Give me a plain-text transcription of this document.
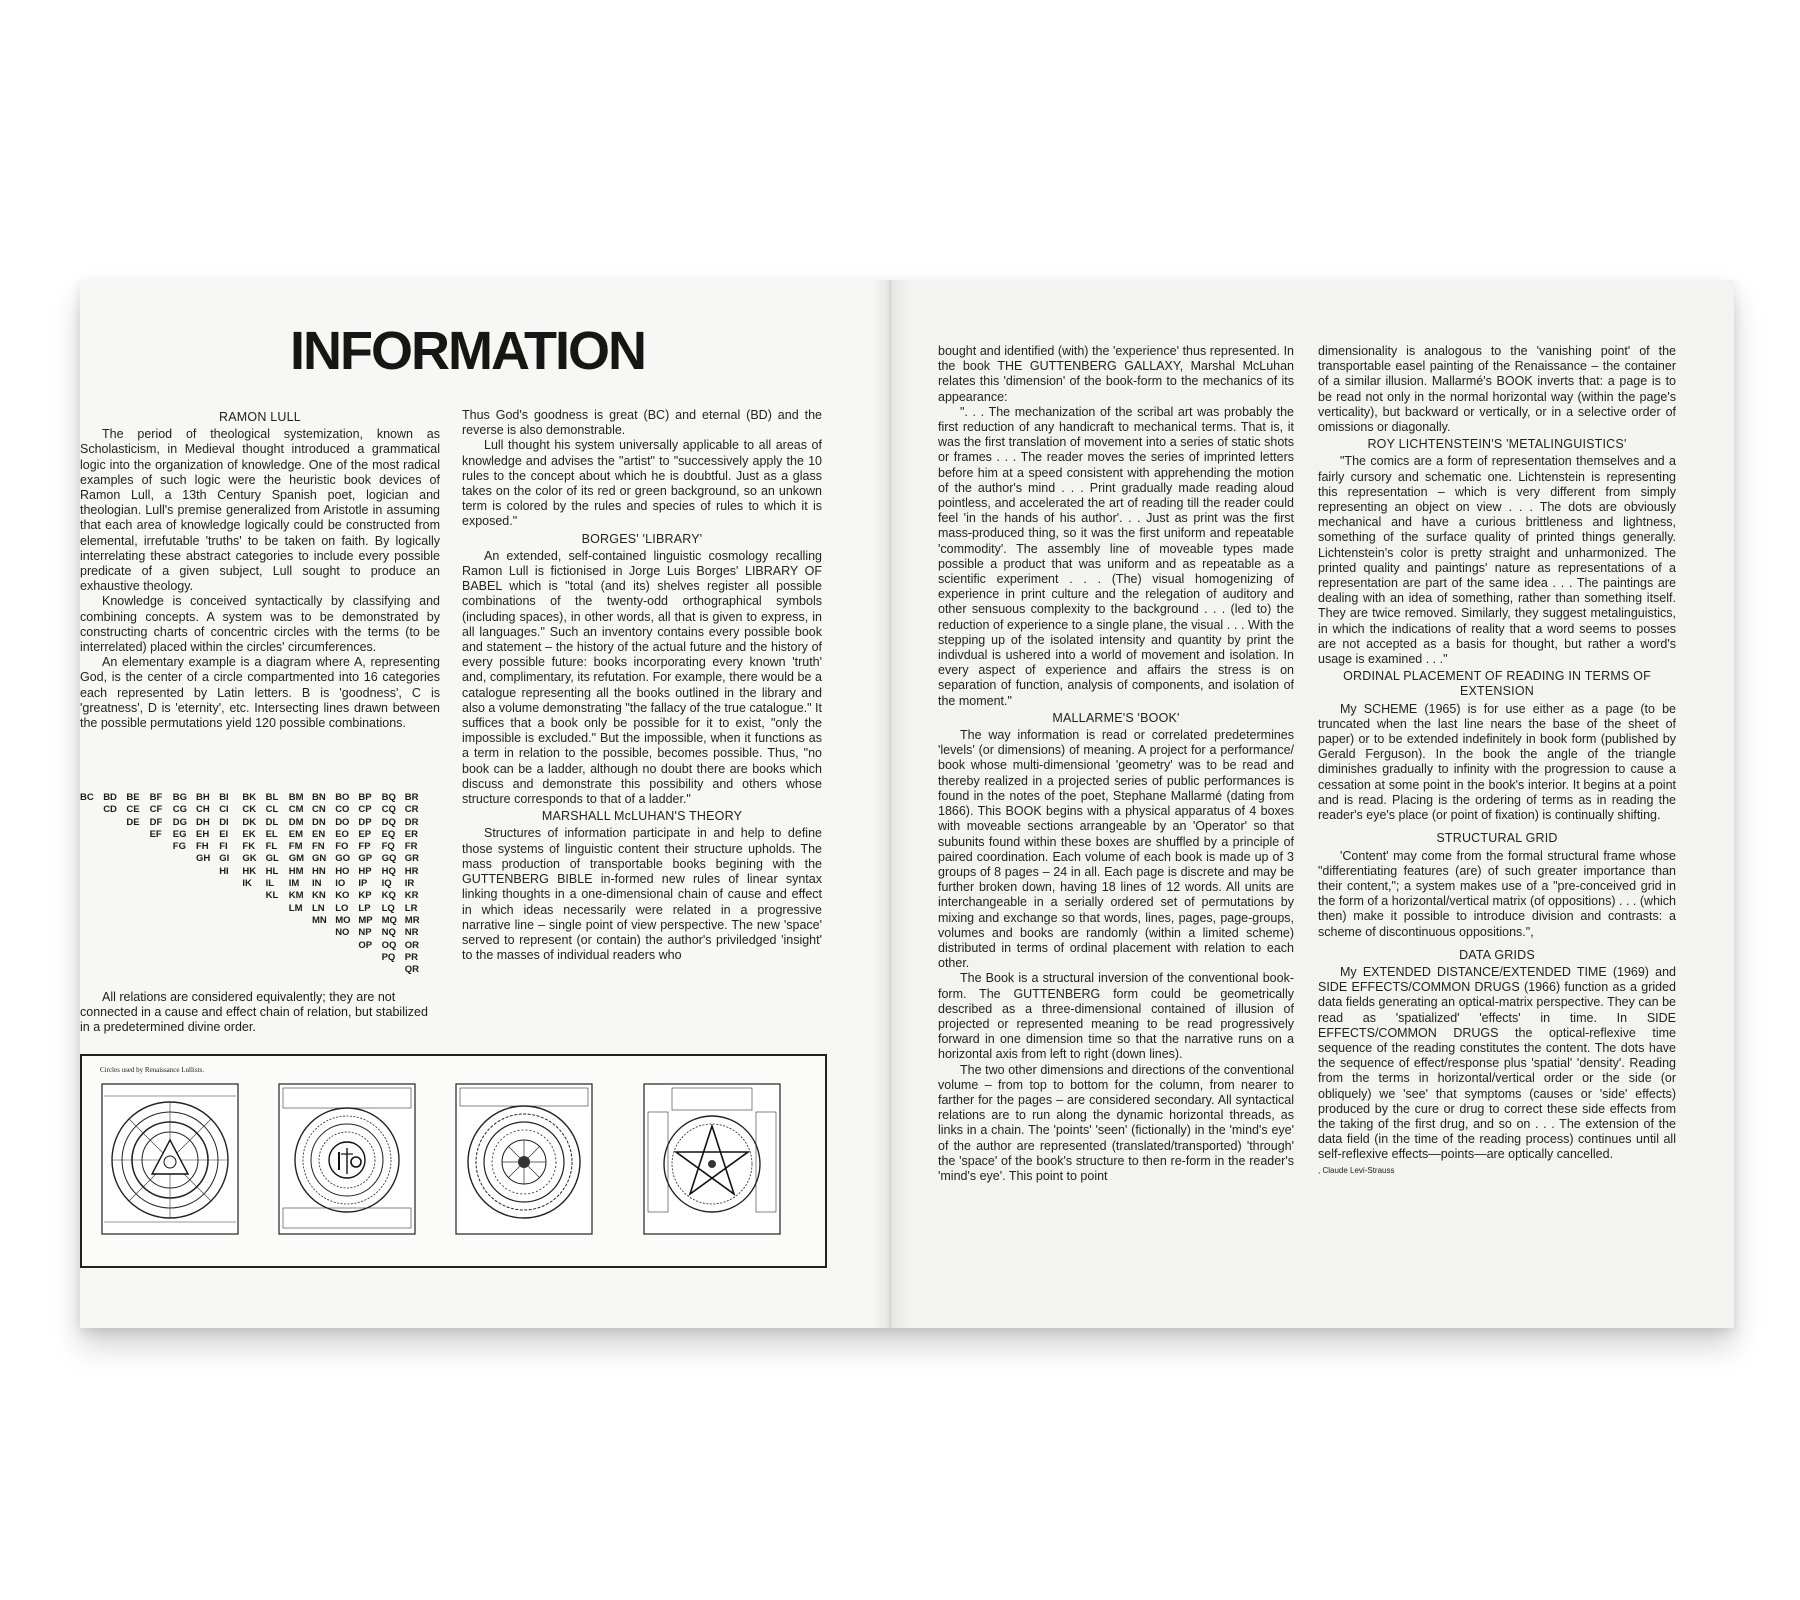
INFORMATION
RAMON LULL

The period of theological systemization, known as Scholasticism, in Medieval thought introduced a grammatical logic into the organization of knowledge. One of the most radical examples of such logic were the heuristic book devices of Ramon Lull, a 13th Century Spanish poet, logician and theologian. Lull's premise generalized from Aristotle in assuming that each area of knowledge logically could be constructed from elemental, irrefutable 'truths' to be taken on faith. By logically interrelating these abstract categories to include every possible predicate of a given subject, Lull sought to produce an exhaustive theology.

Knowledge is conceived syntactically by classifying and combining concepts. A system was to be demonstrated by constructing charts of concentric circles with the terms (to be interrelated) placed within the circles' circumferences.

An elementary example is a diagram where A, representing God, is the center of a circle compartmented into 16 categories each represented by Latin letters. B is 'goodness', C is 'greatness', D is 'eternity', etc. Intersecting lines drawn between the possible permutations yield 120 possible combinations.

BC BD BE BF BG BH BI BK BL BM BN BO BP BQ BR
CD CE CF CG CH CI CK CL CM CN CO CP CQ CR
DE DF DG DH DI DK DL DM DN DO DP DQ DR
EF EG EH EI EK EL EM EN EO EP EQ ER
FG FH FI FK FL FM FN FO FP FQ FR
GH GI GK GL GM GN GO GP GQ GR
HI HK HL HM HN HO HP HQ HR
IK IL IM IN IO IP IQ IR
KL KM KN KO KP KQ KR
LM LN LO LP LQ LR
MN MO MP MQ MR
NO NP NQ NR
OP OQ OR
PQ PR
QR

All relations are considered equivalently; they are not connected in a cause and effect chain of relation, but stabilized in a predetermined divine order.

Thus God's goodness is great (BC) and eternal (BD) and the reverse is also demonstrable.

Lull thought his system universally applicable to all areas of knowledge and advises the "artist" to "successively apply the 10 rules to the concept about which he is doubtful. Just as a glass takes on the color of its red or green background, so an unkown term is colored by the rules and species of rules to which it is exposed."

BORGES' 'LIBRARY'

An extended, self-contained linguistic cosmology recalling Ramon Lull is fictionised in Jorge Luis Borges' LIBRARY OF BABEL which is "total (and its) shelves register all possible combinations of the twenty-odd orthographical symbols (including spaces), in other words, all that is given to express, in all languages." Such an inventory contains every possible book and statement – the history of the actual future and the history of every possible future: books incorporating every known 'truth' and, complimentary, its refutation. For example, there would be a catalogue representing all the books outlined in the library and also a volume demonstrating "the fallacy of the true catalogue." It suffices that a book only be possible for it to exist, "only the impossible is excluded." But the impossible, when it functions as a term in relation to the possible, becomes possible. Thus, "no book can be a ladder, although no doubt there are books which discuss and demonstrate this possibility and others whose structure corresponds to that of a ladder."

MARSHALL McLUHAN'S THEORY

Structures of information participate in and help to define those systems of linguistic content their structure upholds. The mass production of transportable books begining with the GUTTENBERG BIBLE in-formed new rules of linear syntax linking thoughts in a one-dimensional chain of cause and effect in which ideas necessarily were related in a progressive narrative line – single point of view perspective. The new 'space' served to represent (or contain) the author's priviledged 'insight' to the masses of individual readers who

Circles used by Renaissance Lullists.

bought and identified (with) the 'experience' thus represented. In the book THE GUTTENBERG GALLAXY, Marshal McLuhan relates this 'dimension' of the book-form to the mechanics of its appearance:

". . . The mechanization of the scribal art was probably the first reduction of any handicraft to mechanical terms. That is, it was the first translation of movement into a series of static shots or frames . . . The reader moves the series of imprinted letters before him at a speed consistent with apprehending the motion of the author's mind . . . Print gradually made reading aloud pointless, and accelerated the art of reading till the reader could feel 'in the hands of his author'. . . Just as print was the first mass-produced thing, so it was the first uniform and repeatable 'commodity'. The assembly line of moveable types made possible a product that was uniform and as repeatable as a scientific experiment . . . (The) visual homogenizing of experience in print culture and the relegation of auditory and other sensuous complexity to the background . . . (led to) the reduction of experience to a single plane, the visual . . . With the stepping up of the isolated intensity and quantity by print the indivdual is ushered into a world of movement and isolation. In every aspect of experience and affairs the stress is on separation of function, analysis of components, and isolation of the moment."

MALLARME'S 'BOOK'

The way information is read or correlated predetermines 'levels' (or dimensions) of meaning. A project for a performance/ book whose multi-dimensional 'geometry' was to be read and thereby realized in a projected series of public performances is found in the notes of the poet, Stephane Mallarmé (dating from 1866). This BOOK begins with a physical apparatus of 4 boxes with moveable sections arrangeable by an 'Operator' so that subunits found within these boxes are shuffled by a principle of paired coordination. Each volume of each book is made up of 3 groups of 8 pages – 24 in all. Each page is discrete and may be further broken down, having 18 lines of 12 words. All units are interchangeable in a serially ordered set of permutations by mixing and exchange so that words, lines, pages, page-groups, volumes and books are randomly (within a limited scheme) distributed in terms of ordinal placement with relation to each other.

The Book is a structural inversion of the conventional book-form. The GUTTENBERG form could be geometrically described as a three-dimensional contained of illusion of projected or represented meaning to be read progressively forward in one dimension time so that the narrative runs on a horizontal axis from left to right (down lines).

The two other dimensions and directions of the conventional volume – from top to bottom for the column, from nearer to farther for the pages – are considered secondary. All syntactical relations are to run along the dynamic horizontal threads, as links in a chain. The 'points' 'seen' (fictionally) in the 'mind's eye' of the author are represented (translated/transported) 'through' the 'space' of the book's structure to then re-form in the reader's 'mind's eye'. This point to point

dimensionality is analogous to the 'vanishing point' of the transportable easel painting of the Renaissance – the container of a similar illusion. Mallarmé's BOOK inverts that: a page is to be read not only in the normal horizontal way (within the page's verticality), but backward or vertically, or in a selective order of omissions or diagonally.

ROY LICHTENSTEIN'S 'METALINGUISTICS'

"The comics are a form of representation themselves and a fairly cursory and schematic one. Lichtenstein is representing this representation – which is very different from simply representing an object on view . . . The dots are obviously mechanical and have a curious brittleness and lightness, something of the surface quality of printed things generally. Lichtenstein's color is pretty straight and unharmonized. The printed quality and paintings' nature as representations of a representation are part of the same idea . . . The paintings are dealing with an idea of something, rather than something itself. They are twice removed. Similarly, they suggest metalinguistics, in which the indications of reality that a word seems to posses are not accepted as a basis for thought, but rather a word's usage is examined . . ."

ORDINAL PLACEMENT OF READING IN TERMS OF EXTENSION

My SCHEME (1965) is for use either as a page (to be truncated when the last line nears the base of the sheet of paper) or to be extended indefinitely in book form (published by Gerald Ferguson). In the book the angle of the triangle diminishes gradually to infinity with the progression to cause a cessation at some point in the book's interior. It begins at a point and is read. Placing is the ordering of terms as in reading the reader's eye's place (or point of fixation) is continually shifting.

STRUCTURAL GRID

'Content' may come from the formal structural frame whose "differentiating features (are) of such greater importance than their content,"; a system makes use of a "pre-conceived grid in the form of a horizontal/vertical matrix (of oppositions) . . . (which then) make it possible to introduce division and contrasts: a scheme of discontinuous oppositions.",

DATA GRIDS

My EXTENDED DISTANCE/EXTENDED TIME (1969) and SIDE EFFECTS/COMMON DRUGS (1966) function as a grided data fields generating an optical-matrix perspective. They can be read as 'spatialized' 'effects' in time. In SIDE EFFECTS/COMMON DRUGS the optical-reflexive time sequence of the reading constitutes the content. The dots have the sequence of effect/response plus 'spatial' 'density'. Reading from the terms in horizontal/vertical order or the side (or obliquely) we 'see' that symptoms (causes or 'side' effects) produced by the cure or drug to correct these side effects from the taking of the first drug, and so on . . . The extension of the data field (in the time of the reading process) continues until all self-reflexive effects—points—are optically cancelled.

, Claude Levi-Strauss
